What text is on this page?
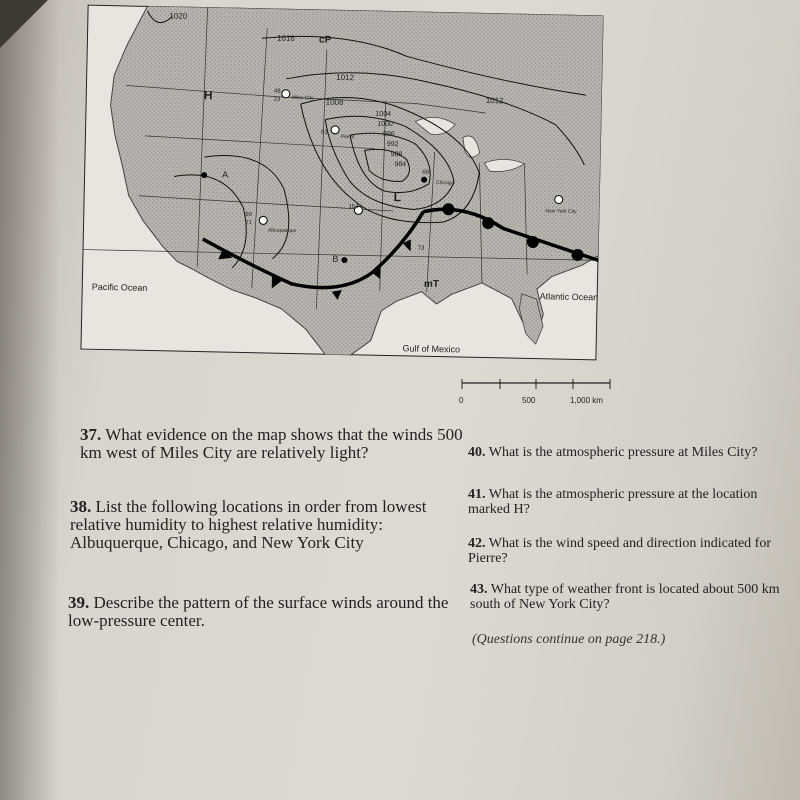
1020
1016 cP
1012
1012
1008
1004
1000
996
992
988
984
H
L
A
B
Miles City
48
23
Pierre
61
Albuquerque
50
21
154
Chicago
69
New York City
73
mT
Pacific Ocean
Atlantic Ocean
Gulf of Mexico
0	500	1,000 km
37. What evidence on the map shows that the winds 500 km west of Miles City are relatively light?
38. List the following locations in order from lowest relative humidity to highest relative humidity: Albuquerque, Chicago, and New York City
39. Describe the pattern of the surface winds around the low-pressure center.
40. What is the atmospheric pressure at Miles City?
41. What is the atmospheric pressure at the location marked H?
42. What is the wind speed and direction indicated for Pierre?
43. What type of weather front is located about 500 km south of New York City?
(Questions continue on page 218.)
